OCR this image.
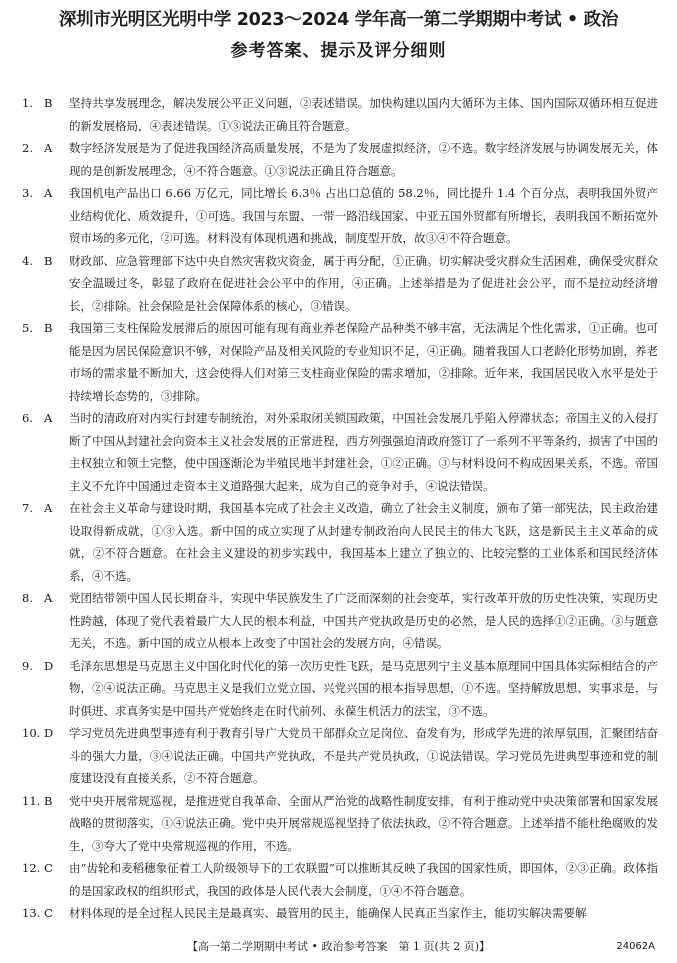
深圳市光明区光明中学 2023～2024 学年高一第二学期期中考试 • 政治
参考答案、提示及评分细则
1. B	坚持共享发展理念，解决发展公平正义问题，②表述错误。加快构建以国内大循环为主体、国内国际双循环相互促进的新发展格局，④表述错误。①③说法正确且符合题意。
2. A	数字经济发展是为了促进我国经济高质量发展，不是为了发展虚拟经济，②不选。数字经济发展与协调发展无关，体现的是创新发展理念，④不符合题意。①③说法正确且符合题意。
3. A	我国机电产品出口 6.66 万亿元，同比增长 6.3％ 占出口总值的 58.2％，同比提升 1.4 个百分点，表明我国外贸产业结构优化、质效提升，①可选。我国与东盟、一带一路沿线国家、中亚五国外贸都有所增长，表明我国不断拓宽外贸市场的多元化，②可选。材料没有体现机遇和挑战，制度型开放，故③④不符合题意。
4. B	财政部、应急管理部下达中央自然灾害救灾资金，属于再分配，①正确。切实解决受灾群众生活困难，确保受灾群众安全温暖过冬，彰显了政府在促进社会公平中的作用，④正确。上述举措是为了促进社会公平，而不是拉动经济增长，②排除。社会保险是社会保障体系的核心，③错误。
5. B	我国第三支柱保险发展滞后的原因可能有现有商业养老保险产品种类不够丰富，无法满足个性化需求，①正确。也可能是因为居民保险意识不够，对保险产品及相关风险的专业知识不足，④正确。随着我国人口老龄化形势加剧，养老市场的需求量不断加大，这会使得人们对第三支柱商业保险的需求增加，②排除。近年来，我国居民收入水平是处于持续增长态势的，③排除。
6. A	当时的清政府对内实行封建专制统治，对外采取闭关锁国政策，中国社会发展几乎陷入停滞状态；帝国主义的入侵打断了中国从封建社会向资本主义社会发展的正常进程，西方列强强迫清政府签订了一系列不平等条约，损害了中国的主权独立和领土完整，使中国逐渐沦为半殖民地半封建社会，①②正确。③与材料设问不构成因果关系，不选。帝国主义不允许中国通过走资本主义道路强大起来，成为自己的竞争对手，④说法错误。
7. A	在社会主义革命与建设时期，我国基本完成了社会主义改造，确立了社会主义制度，颁布了第一部宪法，民主政治建设取得新成就，①③入选。新中国的成立实现了从封建专制政治向人民民主的伟大飞跃，这是新民主主义革命的成就，②不符合题意。在社会主义建设的初步实践中，我国基本上建立了独立的、比较完整的工业体系和国民经济体系，④不选。
8. A	党团结带领中国人民长期奋斗，实现中华民族发生了广泛而深刻的社会变革，实行改革开放的历史性决策，实现历史性跨越，体现了党代表着最广大人民的根本利益，中国共产党执政是历史的必然，是人民的选择①②正确。③与题意无关，不选。新中国的成立从根本上改变了中国社会的发展方向，④错误。
9. D	毛泽东思想是马克思主义中国化时代化的第一次历史性飞跃，是马克思列宁主义基本原理同中国具体实际相结合的产物，②④说法正确。马克思主义是我们立党立国、兴党兴国的根本指导思想，①不选。坚持解放思想、实事求是，与时俱进、求真务实是中国共产党始终走在时代前列、永葆生机活力的法宝，③不选。
10. D	学习党员先进典型事迹有利于教育引导广大党员干部群众立足岗位、奋发有为，形成学先进的浓厚氛围，汇聚团结奋斗的强大力量，③④说法正确。中国共产党执政，不是共产党员执政，①说法错误。学习党员先进典型事迹和党的制度建设没有直接关系，②不符合题意。
11. B	党中央开展常规巡视，是推进党自我革命、全面从严治党的战略性制度安排，有利于推动党中央决策部署和国家发展战略的贯彻落实，①④说法正确。党中央开展常规巡视坚持了依法执政，②不符合题意。上述举措不能杜绝腐败的发生，③夸大了党中央常规巡视的作用，不选。
12. C	由“齿轮和麦稻穗象征着工人阶级领导下的工农联盟”可以推断其反映了我国的国家性质，即国体，②③正确。政体指的是国家政权的组织形式，我国的政体是人民代表大会制度，①④不符合题意。
13. C	材料体现的是全过程人民民主是最真实、最管用的民主，能确保人民真正当家作主，能切实解决需要解
【高一第二学期期中考试 • 政治参考答案　第 1 页(共 2 页)】	24062A
